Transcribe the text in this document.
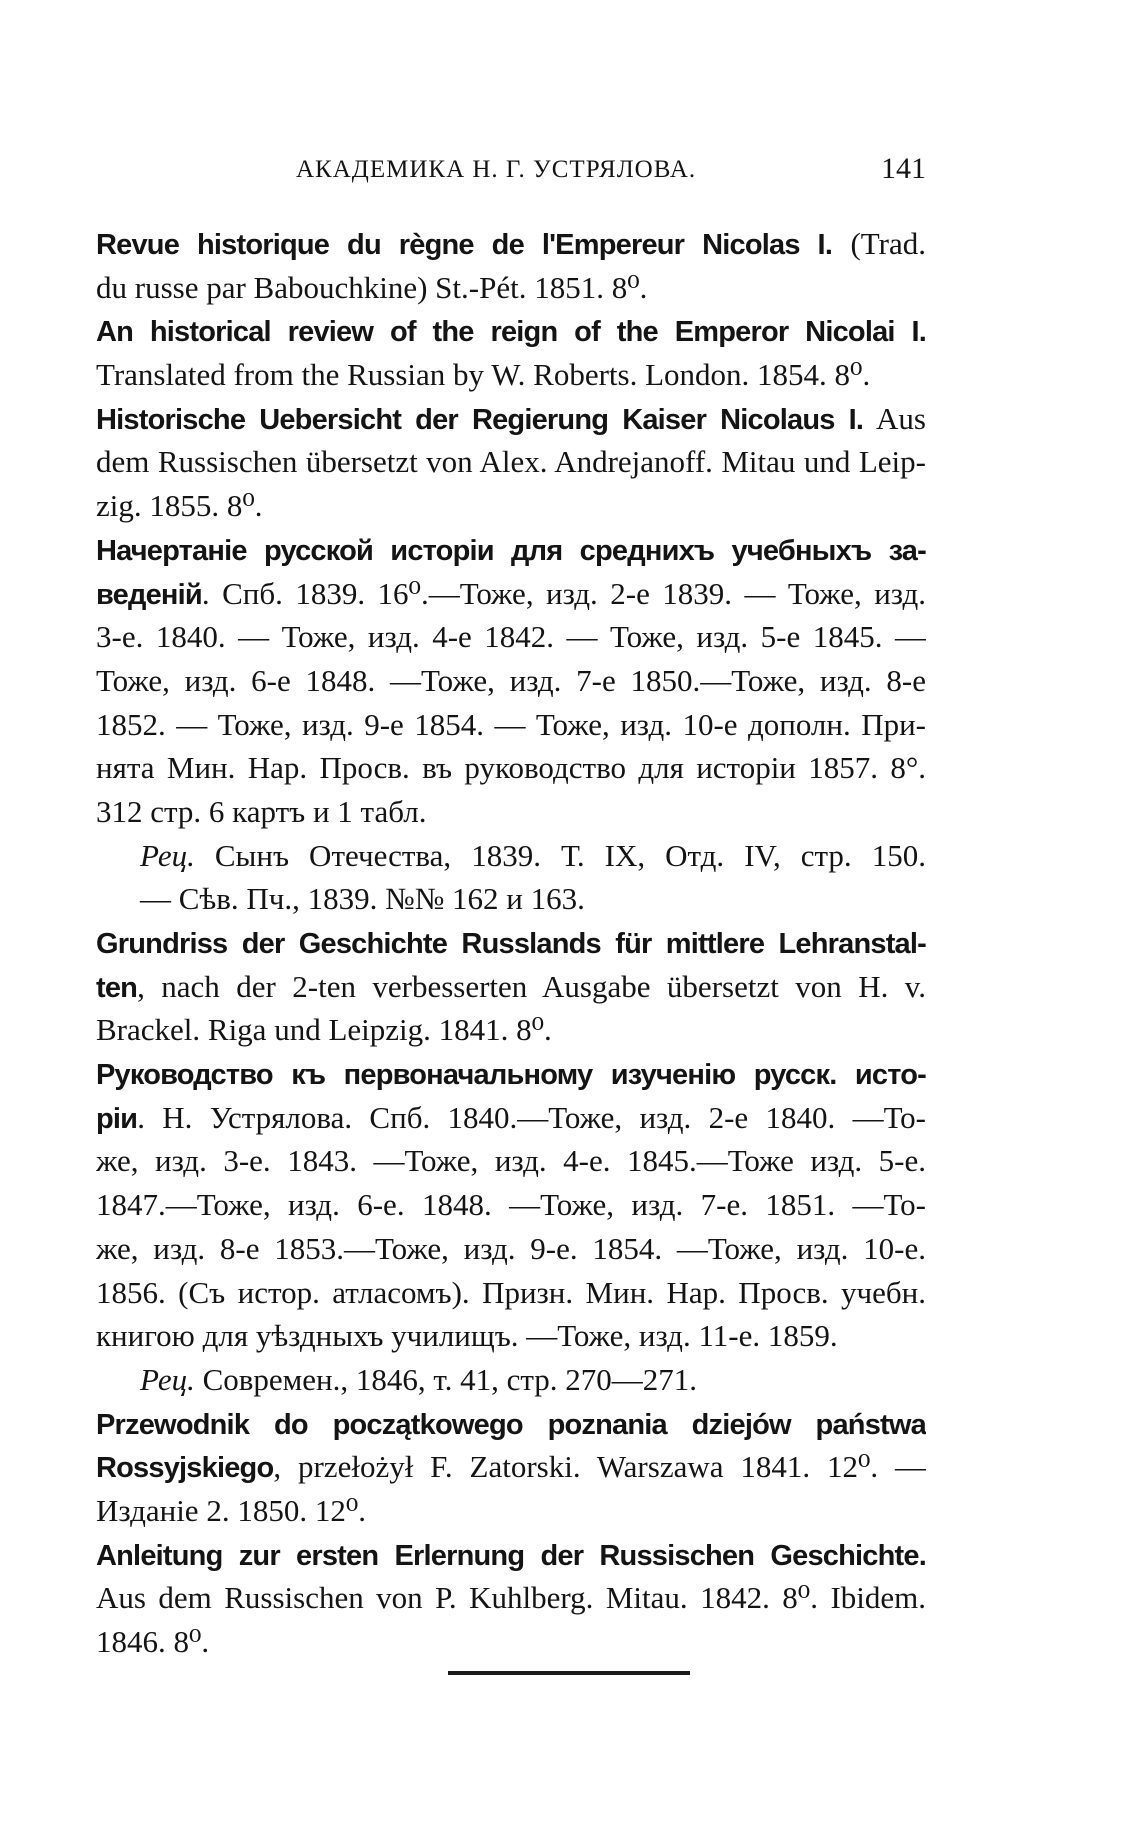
АКАДЕМИКА Н. Г. УСТРЯЛОВА.	141
Revue historique du règne de l'Empereur Nicolas I. (Trad.
du russe par Babouchkine) St.-Pét. 1851. 8⁰.
An historical review of the reign of the Emperor Nicolai I.
Translated from the Russian by W. Roberts. London. 1854. 8⁰.
Historische Uebersicht der Regierung Kaiser Nicolaus I. Aus
dem Russischen übersetzt von Alex. Andrejanoff. Mitau und Leip-
zig. 1855. 8⁰.
Начертаніе русской исторіи для среднихъ учебныхъ за-
веденій. Спб. 1839. 16⁰.—Тоже, изд. 2-е 1839. — Тоже, изд.
3-е. 1840. — Тоже, изд. 4-е 1842. — Тоже, изд. 5-е 1845. —
Тоже, изд. 6-е 1848. —Тоже, изд. 7-е 1850.—Тоже, изд. 8-е
1852. — Тоже, изд. 9-е 1854. — Тоже, изд. 10-е дополн. При-
нята Мин. Нар. Просв. въ руководство для исторіи 1857. 8°.
312 стр. 6 картъ и 1 табл.
Рец. Сынъ Отечества, 1839. Т. IX, Отд. IV, стр. 150.
— Сѣв. Пч., 1839. №№ 162 и 163.
Grundriss der Geschichte Russlands für mittlere Lehranstal-
ten, nach der 2-ten verbesserten Ausgabe übersetzt von H. v.
Brackel. Riga und Leipzig. 1841. 8⁰.
Руководство къ первоначальному изученію русск. исто-
ріи. Н. Устрялова. Спб. 1840.—Тоже, изд. 2-е 1840. —То-
же, изд. 3-е. 1843. —Тоже, изд. 4-е. 1845.—Тоже изд. 5-е.
1847.—Тоже, изд. 6-е. 1848. —Тоже, изд. 7-е. 1851. —То-
же, изд. 8-е 1853.—Тоже, изд. 9-е. 1854. —Тоже, изд. 10-е.
1856. (Съ истор. атласомъ). Призн. Мин. Нар. Просв. учебн.
книгою для уѣздныхъ училищъ. —Тоже, изд. 11-е. 1859.
Рец. Современ., 1846, т. 41, стр. 270—271.
Przewodnik do początkowego poznania dziejów państwa
Rossyjskiego, przełożył F. Zatorski. Warszawa 1841. 12⁰. —
Изданіе 2. 1850. 12⁰.
Anleitung zur ersten Erlernung der Russischen Geschichte.
Aus dem Russischen von P. Kuhlberg. Mitau. 1842. 8⁰. Ibidem.
1846. 8⁰.
